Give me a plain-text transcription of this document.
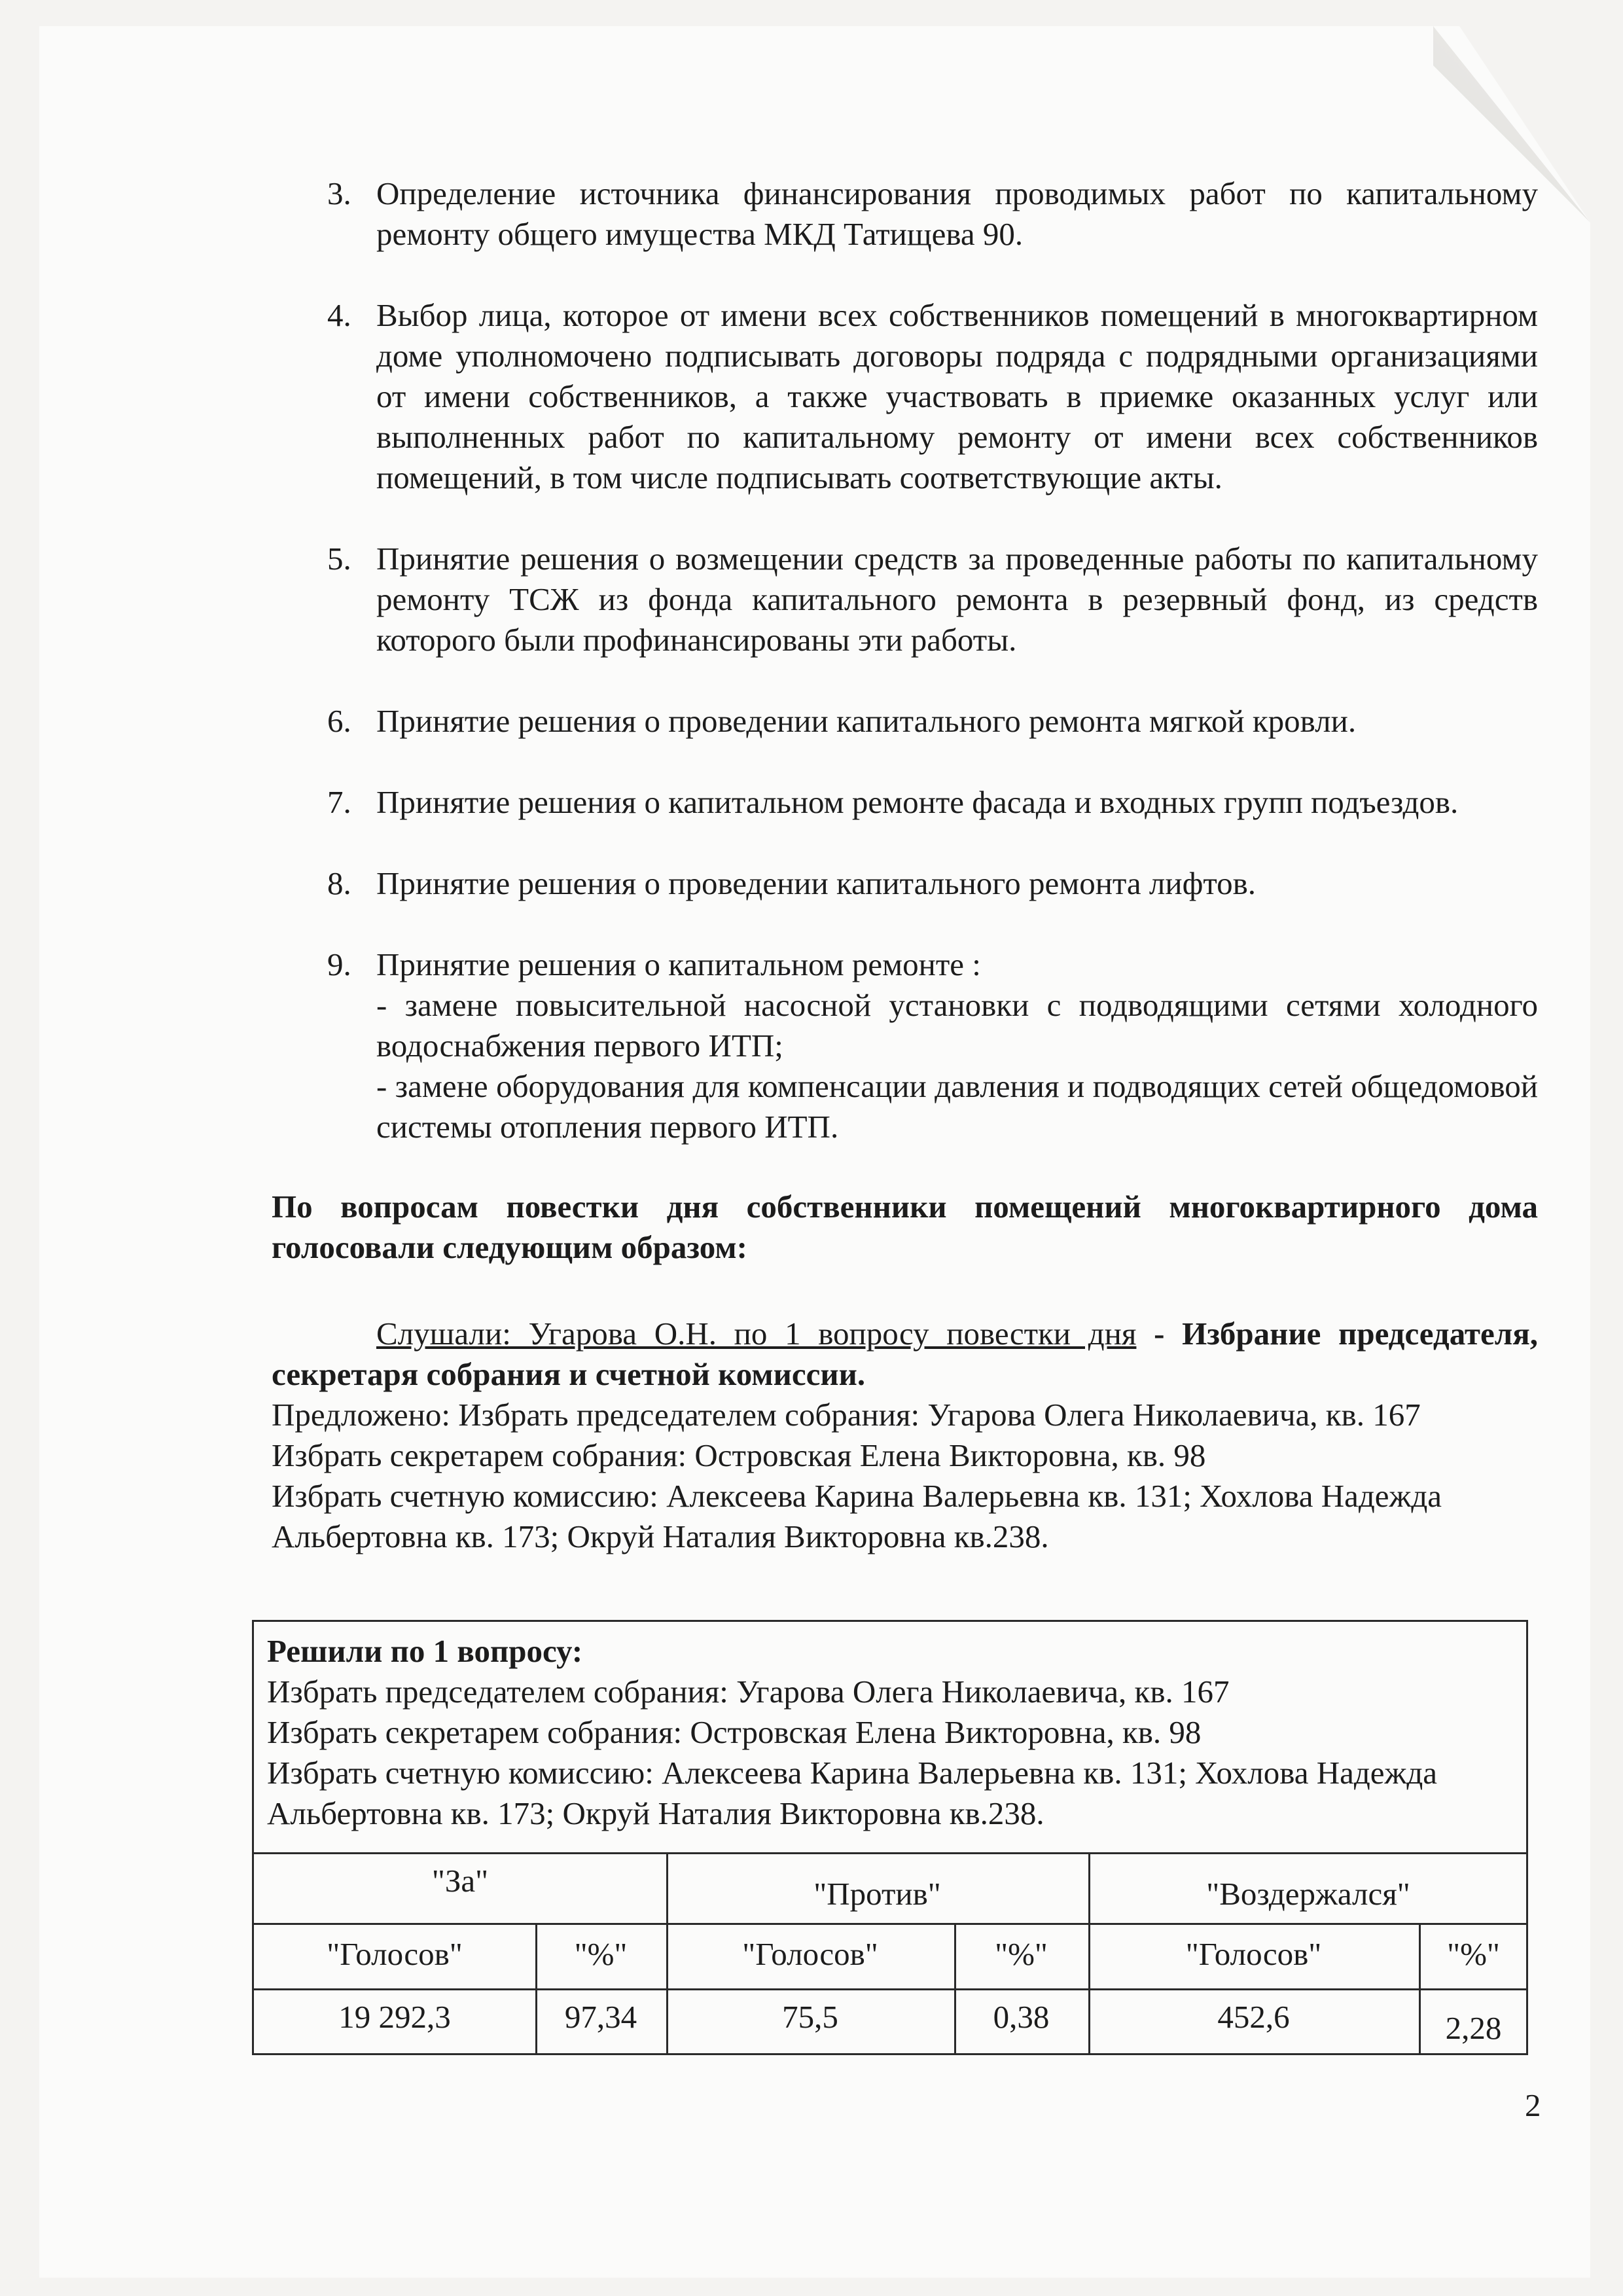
3. Определение источника финансирования проводимых работ по капитальному ремонту общего имущества МКД Татищева 90.
4. Выбор лица, которое от имени всех собственников помещений в многоквартирном доме уполномочено подписывать договоры подряда с подрядными организациями от имени собственников, а также участвовать в приемке оказанных услуг или выполненных работ по капитальному ремонту от имени всех собственников помещений, в том числе подписывать соответствующие акты.
5. Принятие решения о возмещении средств за проведенные работы по капитальному ремонту ТСЖ из фонда капитального ремонта в резервный фонд, из средств которого были профинансированы эти работы.
6. Принятие решения о проведении капитального ремонта мягкой кровли.
7. Принятие решения о капитальном ремонте фасада и входных групп подъездов.
8. Принятие решения о проведении капитального ремонта лифтов.
9. Принятие решения о капитальном ремонте :
- замене повысительной насосной установки с подводящими сетями холодного водоснабжения первого ИТП;
- замене оборудования для компенсации давления и подводящих сетей общедомовой системы отопления первого ИТП.
По вопросам повестки дня собственники помещений многоквартирного дома голосовали следующим образом:
Слушали: Угарова О.Н. по 1 вопросу повестки дня - Избрание председателя, секретаря собрания и счетной комиссии.
Предложено: Избрать председателем собрания: Угарова Олега Николаевича, кв. 167
Избрать секретарем собрания: Островская Елена Викторовна, кв. 98
Избрать счетную комиссию: Алексеева Карина Валерьевна кв. 131; Хохлова Надежда Альбертовна кв. 173; Окруй Наталия Викторовна кв.238.
Решили по 1 вопросу:
Избрать председателем собрания: Угарова Олега Николаевича, кв. 167
Избрать секретарем собрания: Островская Елена Викторовна, кв. 98
Избрать счетную комиссию: Алексеева Карина Валерьевна кв. 131; Хохлова Надежда Альбертовна кв. 173; Окруй Наталия Викторовна кв.238.
"За"	"Против"	"Воздержался"
"Голосов"	"%"	"Голосов"	"%"	"Голосов"	"%"
19 292,3	97,34	75,5	0,38	452,6	2,28
2
